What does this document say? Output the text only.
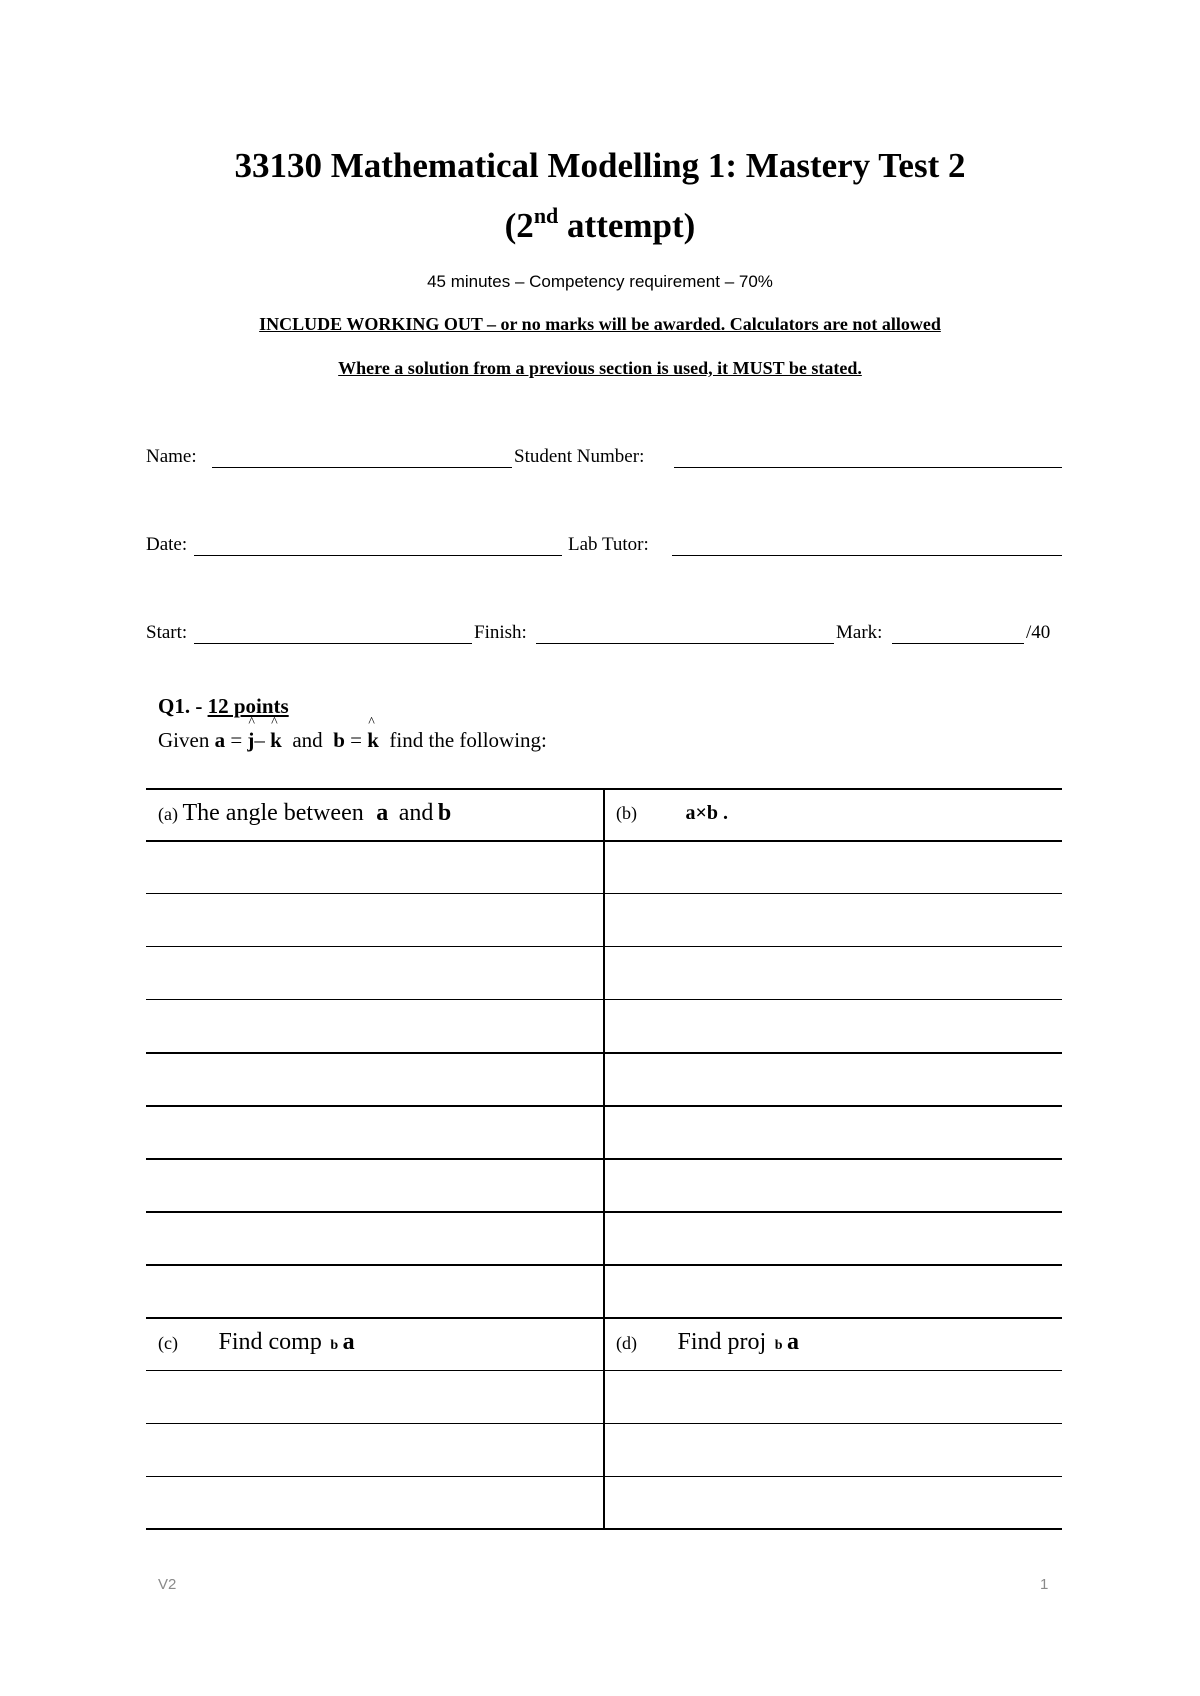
33130 Mathematical Modelling 1: Mastery Test 2
(2nd attempt)
45 minutes – Competency requirement – 70%
INCLUDE WORKING OUT – or no marks will be awarded. Calculators are not allowed
Where a solution from a previous section is used, it MUST be stated.
Name:	Student Number:
Date:	Lab Tutor:
Start:	Finish:	Mark:	/40
Q1. - 12 points
Given a = ^ j– ^ k  and  b = ^ k  find the following:
(a) The angle between a and b	(b) a×b .
(c) Find comp b a	(d) Find proj b a
V2	1
